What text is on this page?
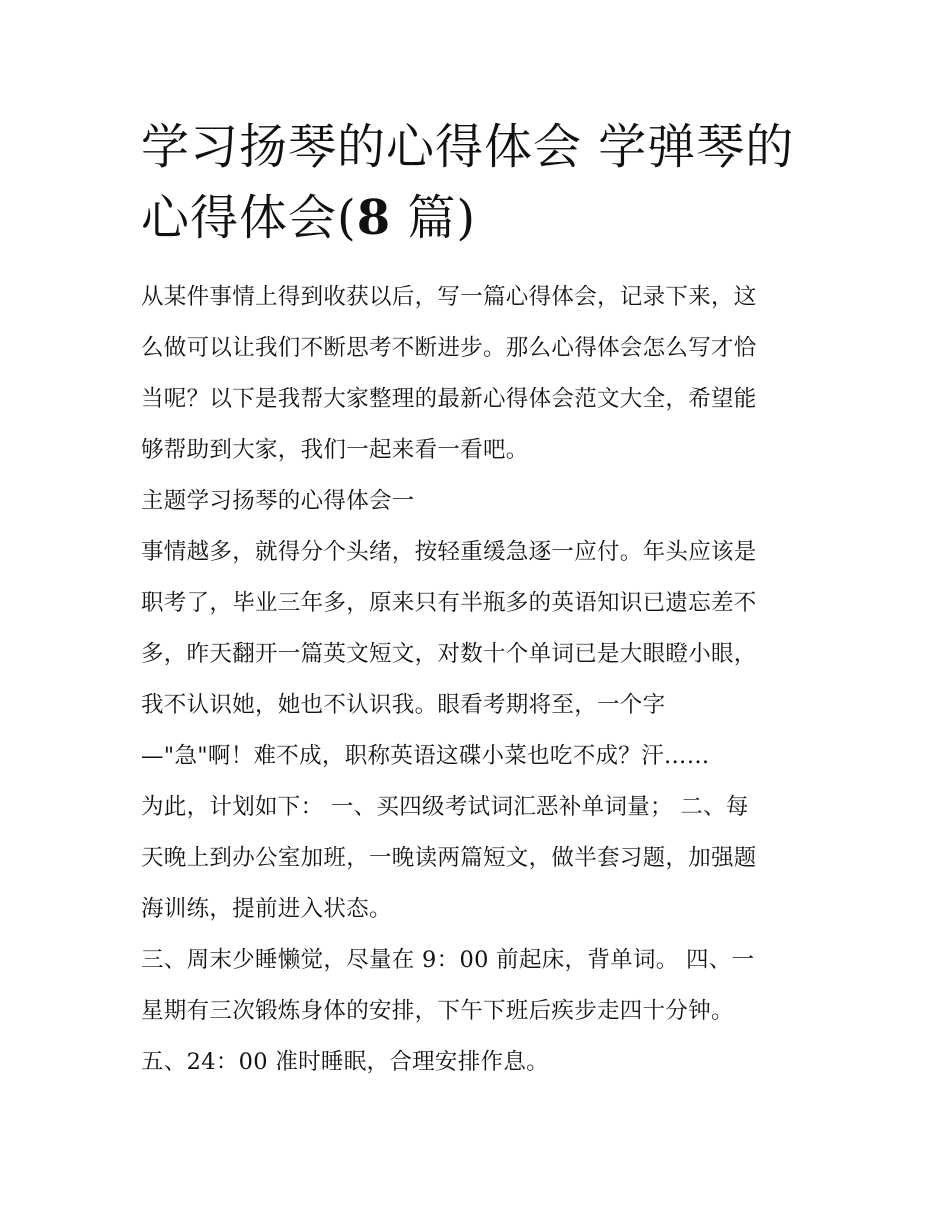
学习扬琴的心得体会 学弹琴的
心得体会(8 篇)
从某件事情上得到收获以后，写一篇心得体会，记录下来，这
么做可以让我们不断思考不断进步。那么心得体会怎么写才恰
当呢？以下是我帮大家整理的最新心得体会范文大全，希望能
够帮助到大家，我们一起来看一看吧。
主题学习扬琴的心得体会一
事情越多，就得分个头绪，按轻重缓急逐一应付。年头应该是
职考了，毕业三年多，原来只有半瓶多的英语知识已遗忘差不
多，昨天翻开一篇英文短文，对数十个单词已是大眼瞪小眼，
我不认识她，她也不认识我。眼看考期将至，一个字
—"急"啊！难不成，职称英语这碟小菜也吃不成？汗……
为此，计划如下： 一、买四级考试词汇恶补单词量； 二、每
天晚上到办公室加班，一晚读两篇短文，做半套习题，加强题
海训练，提前进入状态。
三、周末少睡懒觉，尽量在 9：00 前起床，背单词。 四、一
星期有三次锻炼身体的安排，下午下班后疾步走四十分钟。
五、24：00 准时睡眠，合理安排作息。
